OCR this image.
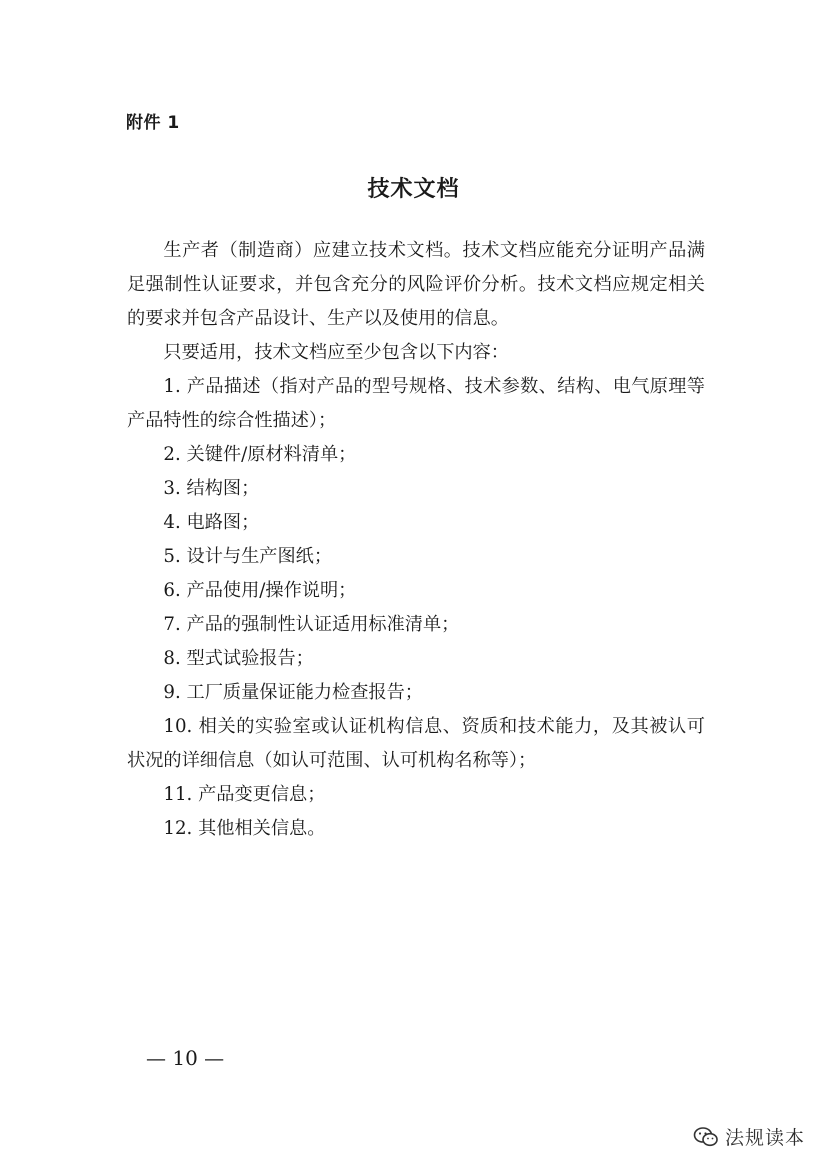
附件 1
技术文档

生产者（制造商）应建立技术文档。技术文档应能充分证明产品满足强制性认证要求，并包含充分的风险评价分析。技术文档应规定相关的要求并包含产品设计、生产以及使用的信息。

只要适用，技术文档应至少包含以下内容：

1. 产品描述（指对产品的型号规格、技术参数、结构、电气原理等产品特性的综合性描述）；

2. 关键件/原材料清单；

3. 结构图；

4. 电路图；

5. 设计与生产图纸；

6. 产品使用/操作说明；

7. 产品的强制性认证适用标准清单；

8. 型式试验报告；

9. 工厂质量保证能力检查报告；

10. 相关的实验室或认证机构信息、资质和技术能力，及其被认可状况的详细信息（如认可范围、认可机构名称等）；

11. 产品变更信息；

12. 其他相关信息。

— 10 —
法规读本
